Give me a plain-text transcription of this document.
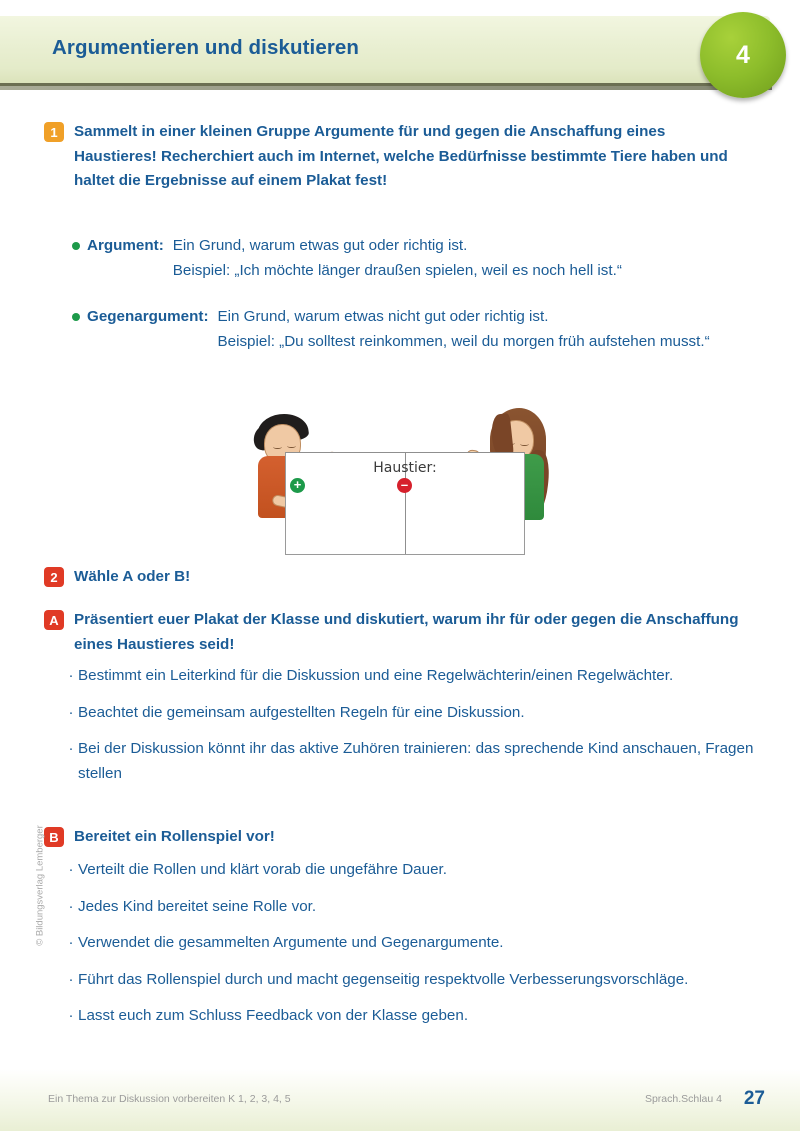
Argumentieren und diskutieren	4
1	Sammelt in einer kleinen Gruppe Argumente für und gegen die Anschaffung eines Haustieres! Recherchiert auch im Internet, welche Bedürfnisse bestimmte Tiere haben und haltet die Ergebnisse auf einem Plakat fest!
Argument: Ein Grund, warum etwas gut oder richtig ist.
Beispiel: „Ich möchte länger draußen spielen, weil es noch hell ist.“
Gegenargument: Ein Grund, warum etwas nicht gut oder richtig ist.
Beispiel: „Du solltest reinkommen, weil du morgen früh aufstehen musst.“
Haustier:
+	–
2	Wähle A oder B!
A	Präsentiert euer Plakat der Klasse und diskutiert, warum ihr für oder gegen die Anschaffung eines Haustieres seid!
· Bestimmt ein Leiterkind für die Diskussion und eine Regelwächterin/einen Regelwächter.
· Beachtet die gemeinsam aufgestellten Regeln für eine Diskussion.
· Bei der Diskussion könnt ihr das aktive Zuhören trainieren: das sprechende Kind anschauen, Fragen stellen
B	Bereitet ein Rollenspiel vor!
· Verteilt die Rollen und klärt vorab die ungefähre Dauer.
· Jedes Kind bereitet seine Rolle vor.
· Verwendet die gesammelten Argumente und Gegenargumente.
· Führt das Rollenspiel durch und macht gegenseitig respektvolle Verbesserungsvorschläge.
· Lasst euch zum Schluss Feedback von der Klasse geben.
© Bildungsverlag Lemberger
Ein Thema zur Diskussion vorbereiten K 1, 2, 3, 4, 5	Sprach.Schlau 4 27
